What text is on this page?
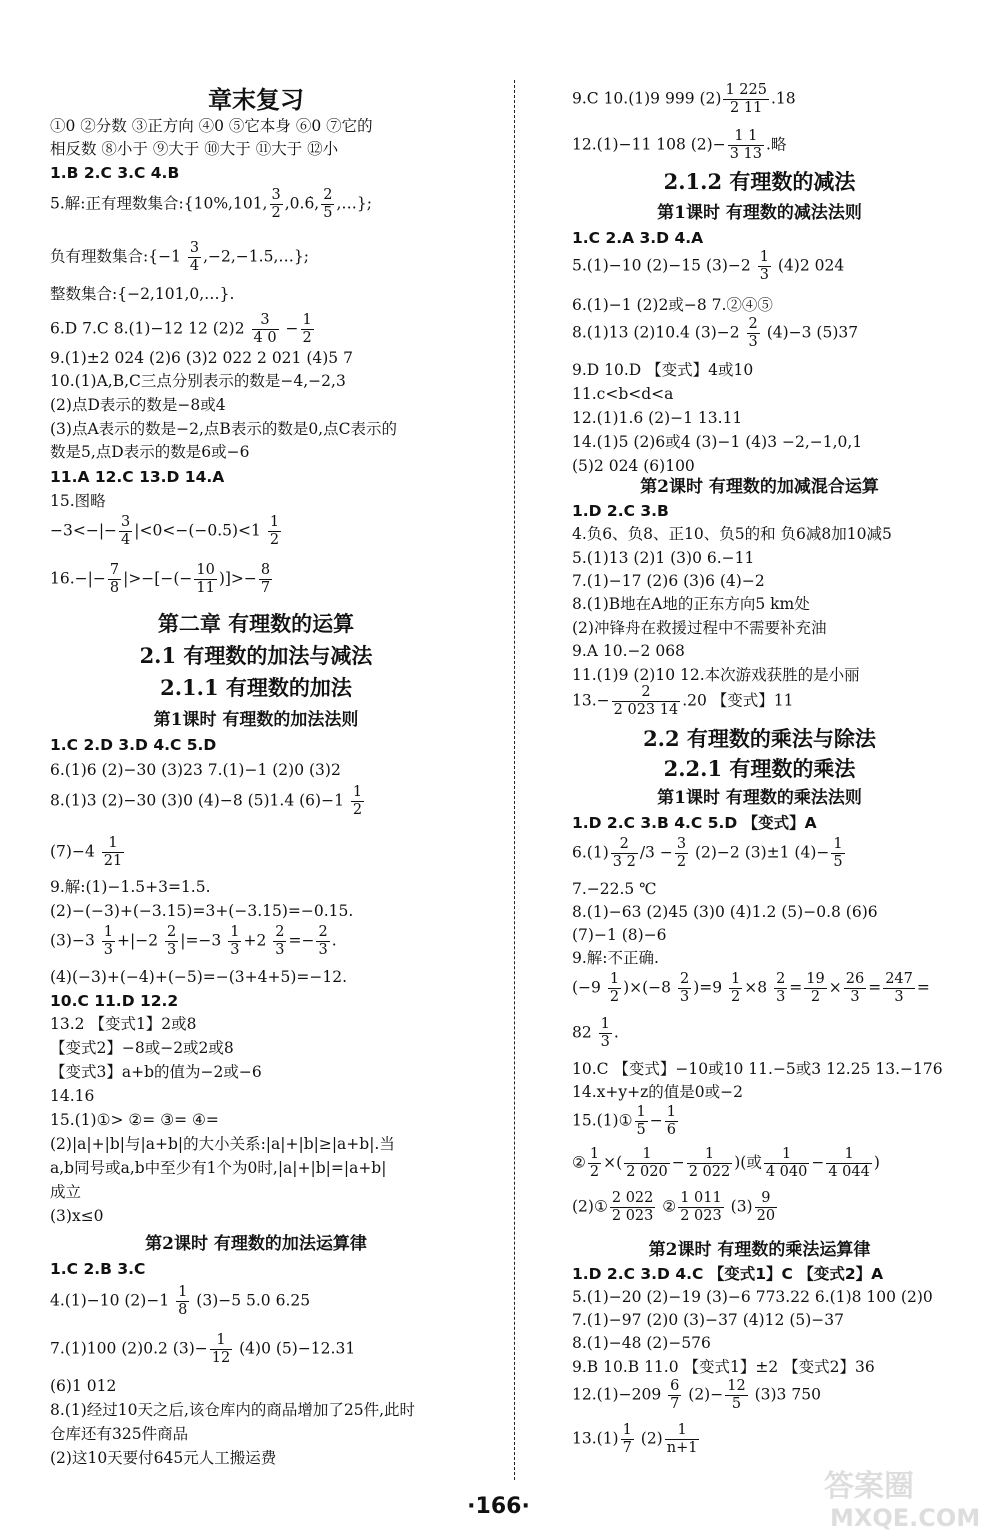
章末复习
①0 ②分数 ③正方向 ④0 ⑤它本身 ⑥0 ⑦它的
相反数 ⑧小于 ⑨大于 ⑩大于 ⑪大于 ⑫小
1.B 2.C 3.C 4.B
5.解:正有理数集合:{10%,101, $\frac{3}{2}$ ,0.6̇, $\frac{2}{5}$ ,…};
负有理数集合:{−1 $\frac{3}{4}$ ,−2,−1.5,…};
整数集合:{−2,101,0,…}.
6.D 7.C 8.(1)−12 12 $(2)2 \frac{3}{4 0} - \frac{1}{2}$
9.(1)±2 024 (2)6 (3)2 022 2 021 (4)5 7
10.(1)A,B,C三点分别表示的数是−4,−2,3
(2)点D表示的数是−8或4
(3)点A表示的数是−2,点B表示的数是0,点C表示的
数是5,点D表示的数是6或−6
11.A 12.C 13.D 14.A
15.图略
$-3<-|- \frac{3}{4} |<0<-(-0.5)<1 \frac{1}{2}$
$16.-|- \frac{7}{8}$ |>−[−(− $\frac{10}{11}$ )]>− $\frac{8}{7}$
第二章 有理数的运算
2.1 有理数的加法与减法
2.1.1 有理数的加法
第1课时 有理数的加法法则
1.C 2.D 3.D 4.C 5.D
6.(1)6 (2)−30 (3)23 7.(1)−1 (2)0 (3)2
8.(1)3 (2)−30 (3)0 (4)−8 (5)1.4 $(6)-1 \frac{1}{2}$
$(7)-4 \frac{1}{21}$
9.解:(1)−1.5+3=1.5.
(2)−(−3)+(−3.15)=3+(−3.15)=−0.15.
$(3)-3 \frac{1}{3} +|-2 \frac{2}{3} |=-3 \frac{1}{3} +2 \frac{2}{3} =- \frac{2}{3}$ .
(4)(−3)+(−4)+(−5)=−(3+4+5)=−12.
10.C 11.D 12.2
13.2 【变式1】2或8
【变式2】−8或−2或2或8
【变式3】a+b的值为−2或−6
14.16
15.(1)①> ②= ③= ④=
(2)|a|+|b|与|a+b|的大小关系:|a|+|b|≥|a+b|.当
a,b同号或a,b中至少有1个为0时,|a|+|b|=|a+b|
成立
(3)x≤0
第2课时 有理数的加法运算律
1.C 2.B 3.C
4.(1)−10 $(2)-1 \frac{1}{8} (3)-5$ 5.0 6.25
7.(1)100 (2)0.2 $(3)- \frac{1}{12} (4)0$ (5)−12.31
(6)1 012
8.(1)经过10天之后,该仓库内的商品增加了25件,此时
仓库还有325件商品
(2)这10天要付645元人工搬运费
9.C 10.(1)9 999 $(2) \frac{1 225}{2 11} .18$
12.(1)−11 108 $(2)- \frac{1 1}{3 13}$ .略
2.1.2 有理数的减法
第1课时 有理数的减法法则
1.C 2.A 3.D 4.A
5.(1)−10 (2)−15 $(3)-2 \frac{1}{3} (4)2$ 024
6.(1)−1 (2)2或−8 7.②④⑤
8.(1)13 (2)10.4 $(3)-2 \frac{2}{3} (4)-3$ (5)37
9.D 10.D 【变式】4或10
11.c<b<d<a
12.(1)1.6 (2)−1 13.11
14.(1)5 (2)6或4 (3)−1 (4)3 −2,−1,0,1
(5)2 024 (6)100
第2课时 有理数的加减混合运算
1.D 2.C 3.B
4.负6、负8、正10、负5的和 负6减8加10减5
5.(1)13 (2)1 (3)0 6.−11
7.(1)−17 (2)6 (3)6 (4)−2
8.(1)B地在A地的正东方向5 km处
(2)冲锋舟在救援过程中不需要补充油
9.A 10.−2 068
11.(1)9 (2)10 12.本次游戏获胜的是小丽
$13.- \frac{2}{2 023 14} .20$ 【变式】11
2.2 有理数的乘法与除法
2.2.1 有理数的乘法
第1课时 有理数的乘法法则
1.D 2.C 3.B 4.C 5.D 【变式】A
$6.(1) \frac{2}{3 2} /3 - \frac{3}{2} (2)-2$ (3)±1 $(4)- \frac{1}{5}$
7.−22.5 ℃
8.(1)−63 (2)45 (3)0 (4)1.2 (5)−0.8 (6)6
(7)−1 (8)−6
9.解:不正确.
$(-9 \frac{1}{2} )\times(-8 \frac{2}{3} )=9 \frac{1}{2} \times 8 \frac{2}{3} = \frac{19}{2} \times \frac{26}{3} = \frac{247}{3}$ =
$82 \frac{1}{3}$ .
10.C 【变式】−10或10 11.−5或3 12.25 13.−176
14.x+y+z的值是0或−2
15.(1)① $\frac{1}{5} - \frac{1}{6}$
② $\frac{1}{2}$ ×( $\frac{1}{2 020} - \frac{1}{2 022}$ )(或 $\frac{1}{4 040} - \frac{1}{4 044}$ )
(2)① $\frac{2 022}{2 023}$ ② $\frac{1 011}{2 023} (3) \frac{9}{20}$
第2课时 有理数的乘法运算律
1.D 2.C 3.D 4.C 【变式1】C 【变式2】A
5.(1)−20 (2)−19 (3)−6 773.22 6.(1)8 100 (2)0
7.(1)−97 (2)0 (3)−37 (4)12 (5)−37
8.(1)−48 (2)−576
9.B 10.B 11.0 【变式1】±2 【变式2】36
$12.(1)-209 \frac{6}{7} (2)- \frac{12}{5} (3)3$ 750
$13.(1) \frac{1}{7} (2) \frac{1}{n+1}$
·166·
答案圈
MXQE.COM
